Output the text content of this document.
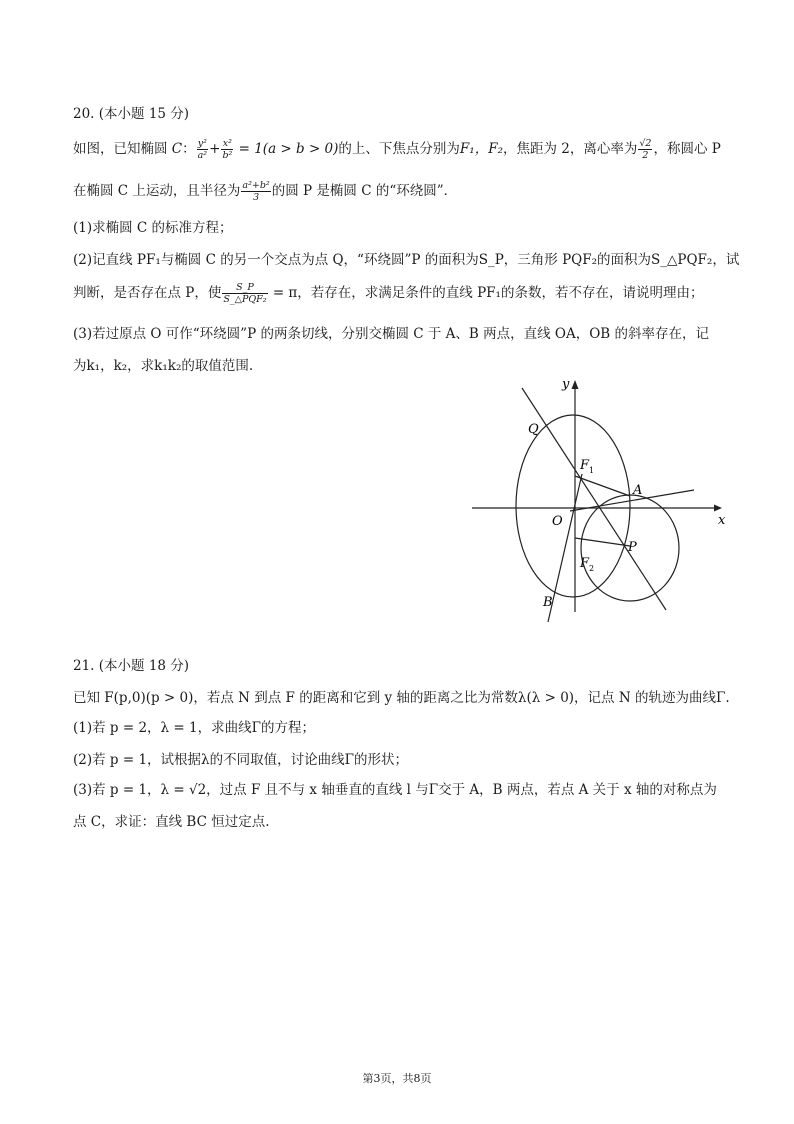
20. (本小题 15 分)
如图，已知椭圆 C： $\frac{\text{y²}}{\text{a²}} + \frac{\text{x²}}{\text{b²}} = 1(a > b > 0)$的上、下焦点分别为F₁，F₂，焦距为 2，离心率为 $\frac{√2}{2}$ ，称圆心 P
在椭圆 C 上运动，且半径为 $\frac{\text{a²+b²}}{3}$ 的圆 P 是椭圆 C 的“环绕圆”．
(1)求椭圆 C 的标准方程；
(2)记直线 PF₁与椭圆 C 的另一个交点为点 Q，“环绕圆”P 的面积为S_P，三角形 PQF₂的面积为S_△PQF₂，试
判断，是否存在点 P，使 $\frac{S\_P}{\text{S\_△PQF₂}} = \pi$，若存在，求满足条件的直线 PF₁的条数，若不存在，请说明理由；
(3)若过原点 O 可作“环绕圆”P 的两条切线，分别交椭圆 C 于 A、B 两点，直线 OA，OB 的斜率存在，记
为k₁，k₂，求k₁k₂的取值范围.
y
x
O
Q
F 1
F 2
A
P
B
21. (本小题 18 分)
已知 F(p,0)(p > 0)，若点 N 到点 F 的距离和它到 y 轴的距离之比为常数λ(λ > 0)，记点 N 的轨迹为曲线Γ.
(1)若 p = 2，λ = 1，求曲线Γ的方程；
(2)若 p = 1，试根据λ的不同取值，讨论曲线Γ的形状；
(3)若 p = 1，λ = √2，过点 F 且不与 x 轴垂直的直线 l 与Γ交于 A，B 两点，若点 A 关于 x 轴的对称点为
点 C，求证：直线 BC 恒过定点.
第3页，共8页
